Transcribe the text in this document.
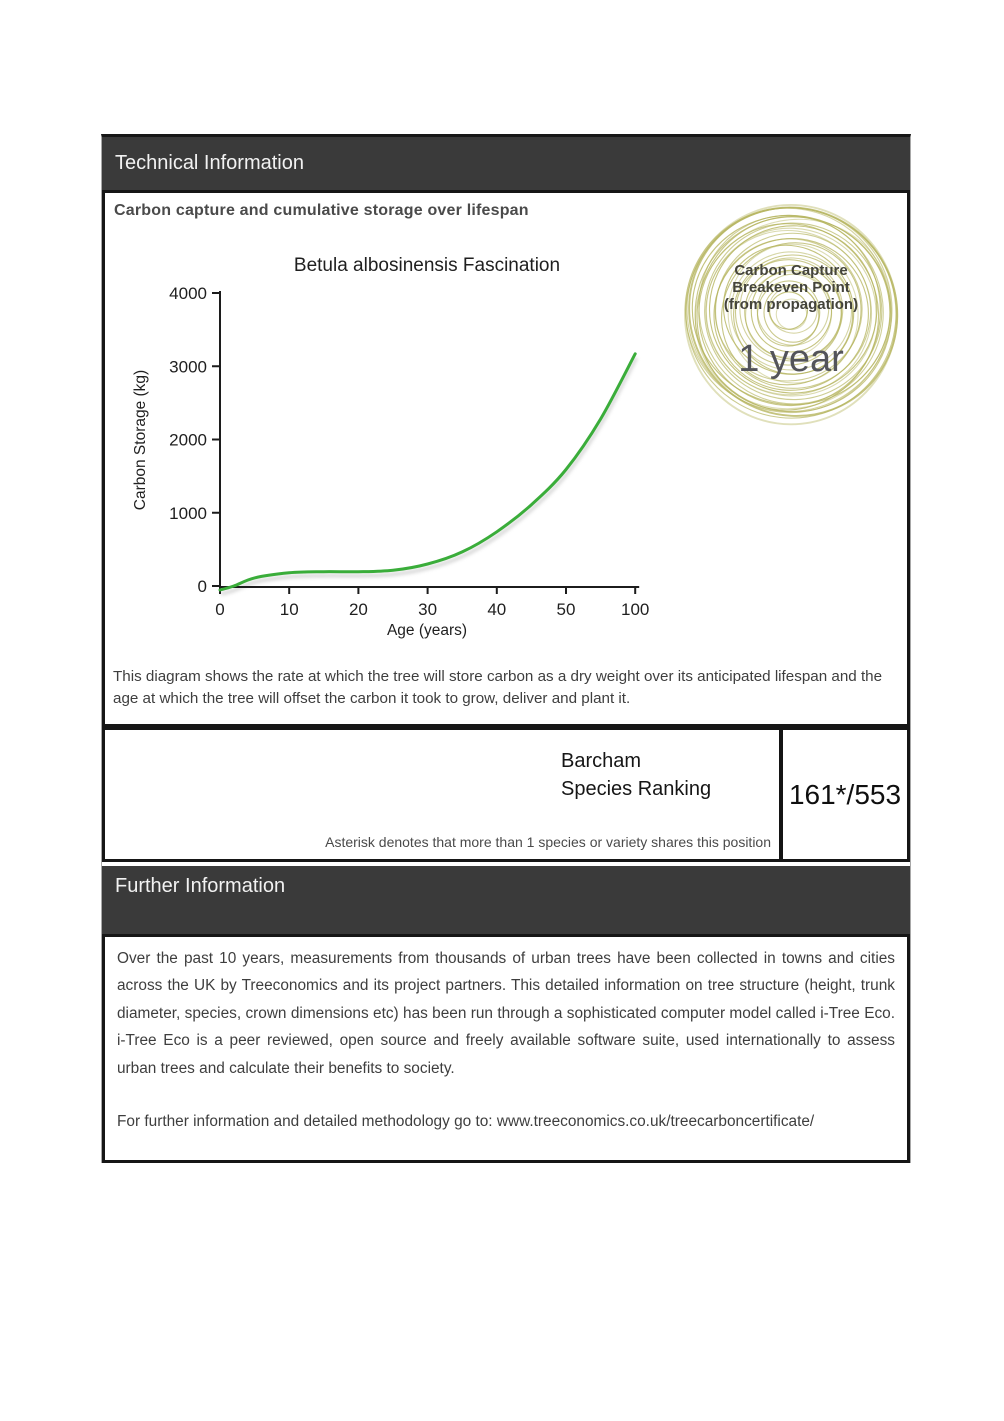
Technical Information
Carbon capture and cumulative storage over lifespan
Betula albosinensis Fascination
0	10	20	30	40	50	100
0
1000
2000
3000
4000
Age (years)
Carbon Storage (kg)
Carbon Capture
Breakeven Point
(from propagation)
1 year
This diagram shows the rate at which the tree will store carbon as a dry weight over its anticipated lifespan and the age at which the tree will offset the carbon it took to grow, deliver and plant it.
Barcham
Species Ranking
Asterisk denotes that more than 1 species or variety shares this position
161*/553
Further Information

Over the past 10 years, measurements from thousands of urban trees have been collected in towns and cities across the UK by Treeconomics and its project partners. This detailed information on tree structure (height, trunk diameter, species, crown dimensions etc) has been run through a sophisticated computer model called i-Tree Eco. i-Tree Eco is a peer reviewed, open source and freely available software suite, used internationally to assess urban trees and calculate their benefits to society.

For further information and detailed methodology go to: www.treeconomics.co.uk/treecarboncertificate/
